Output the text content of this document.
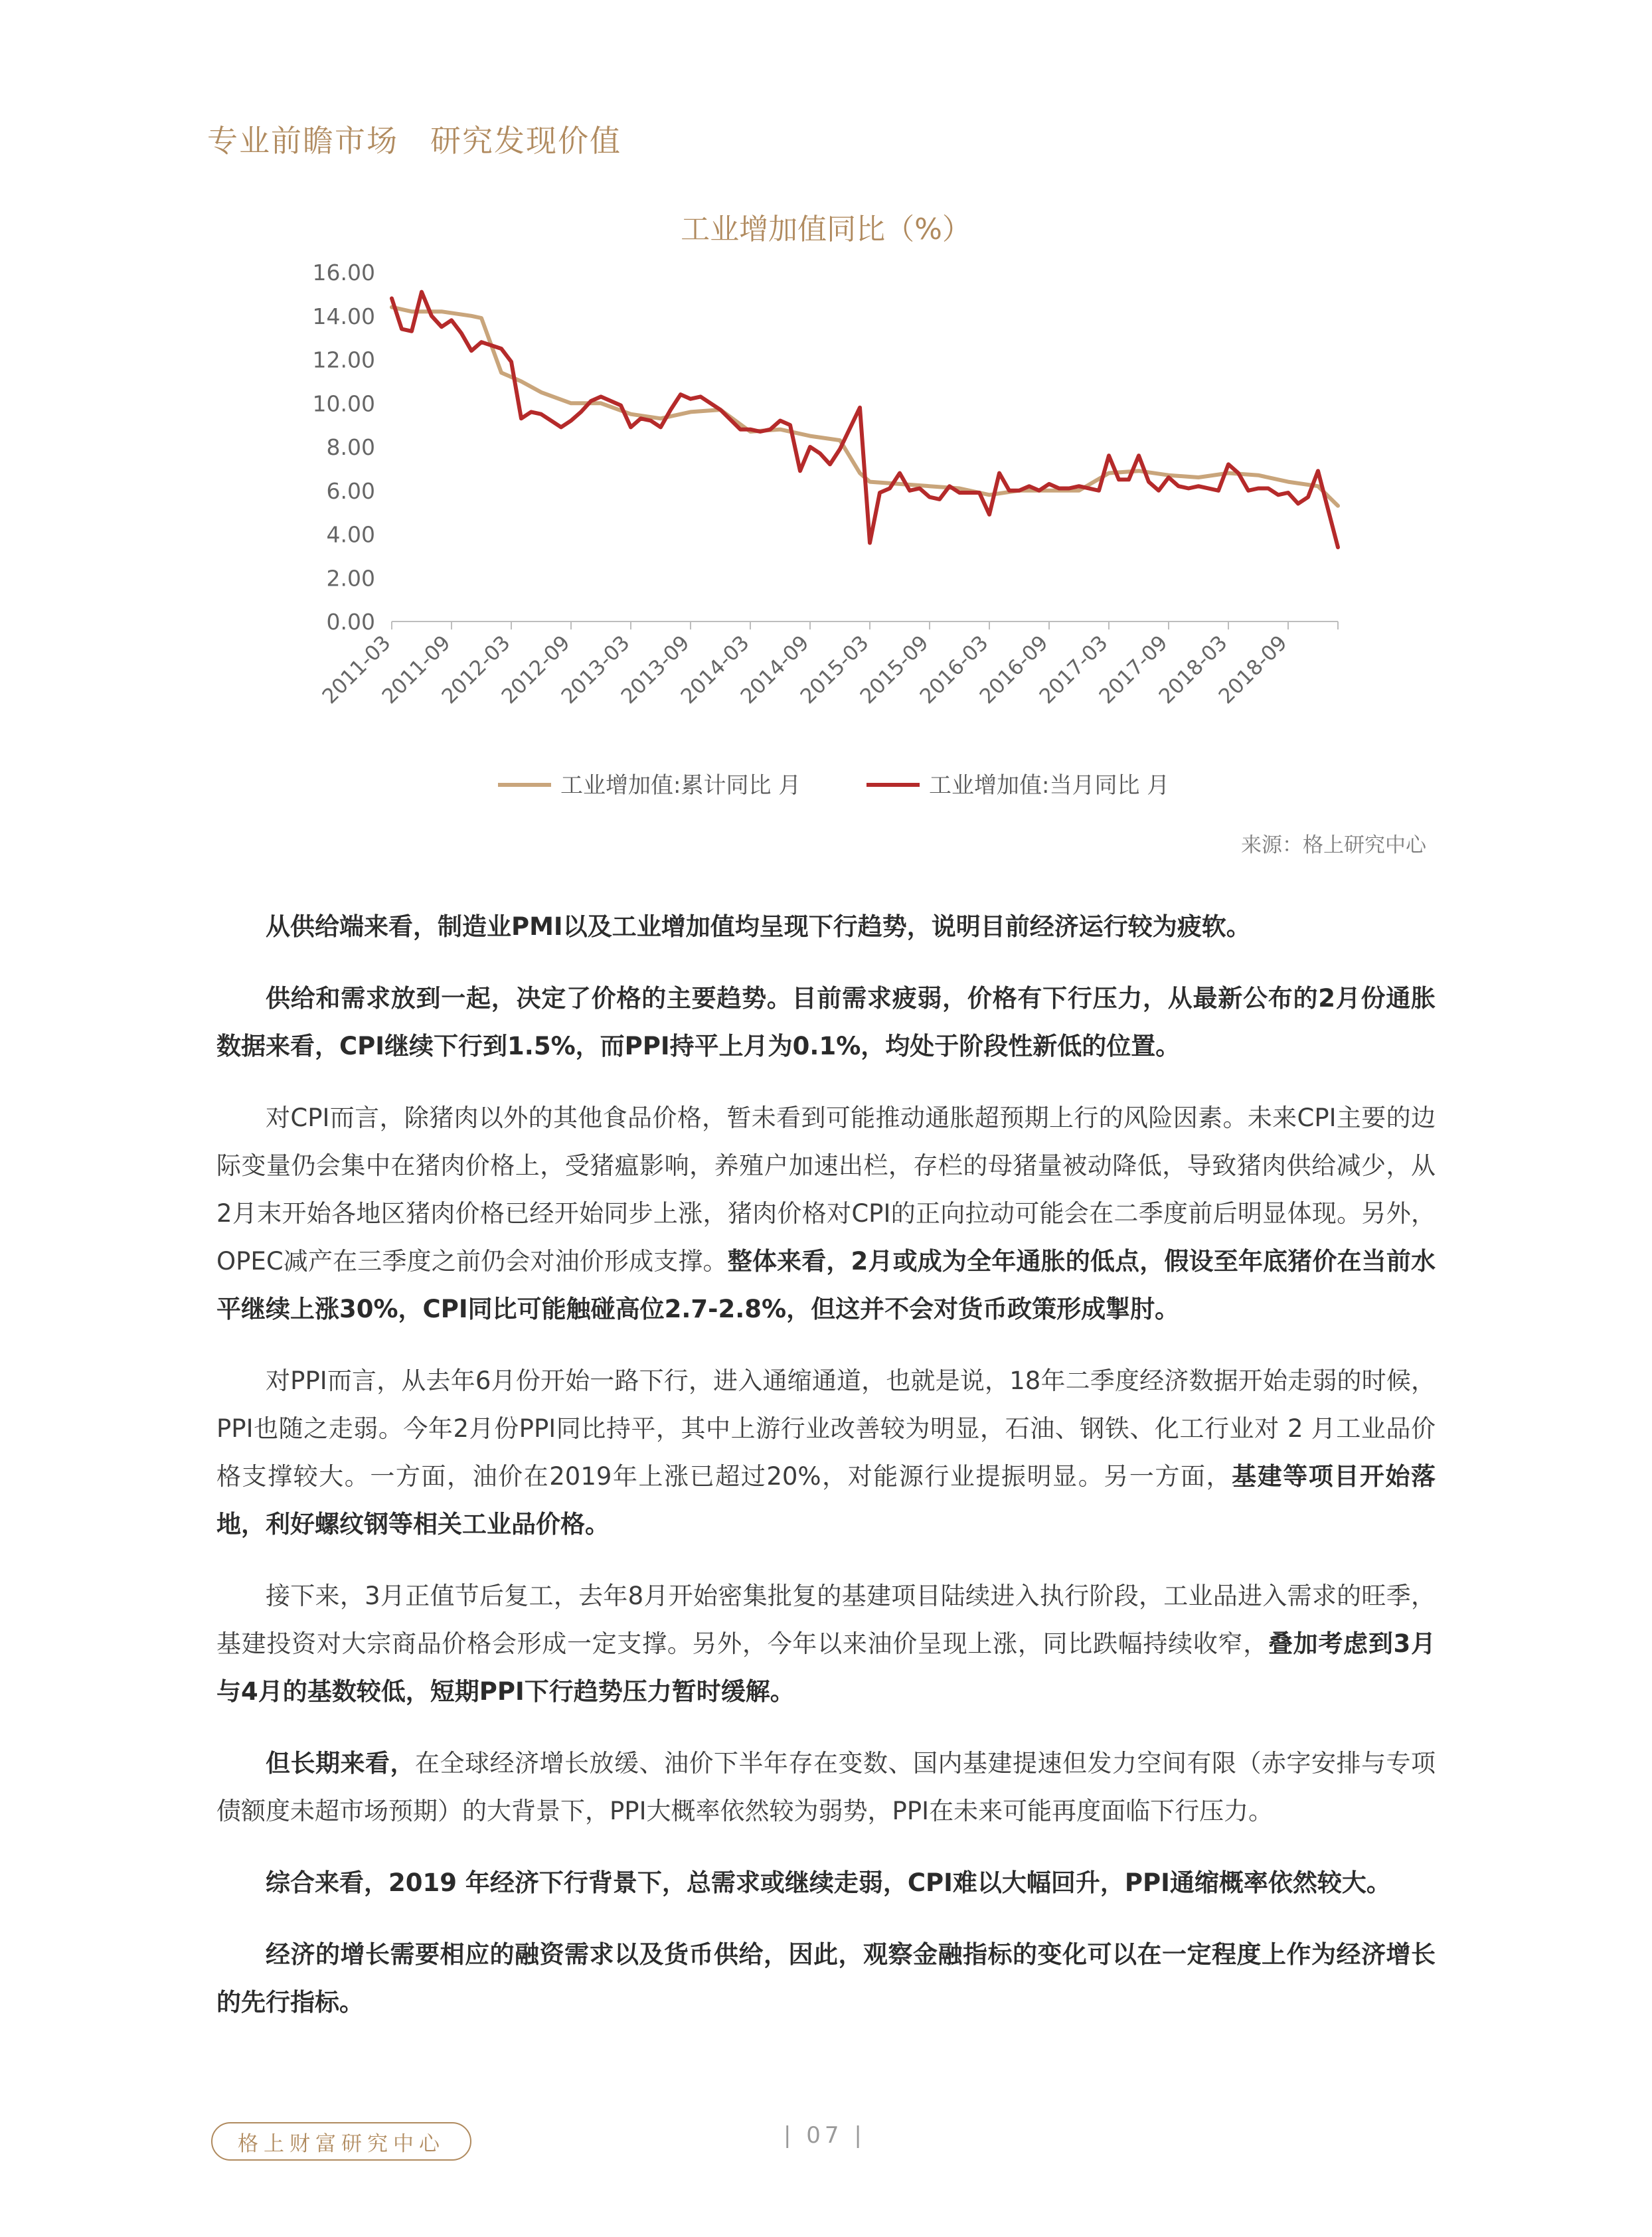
专业前瞻市场　研究发现价值
工业增加值同比（%）
0.00
2.00
4.00
6.00
8.00
10.00
12.00
14.00
16.00
2011-03
2011-09
2012-03
2012-09
2013-03
2013-09
2014-03
2014-09
2015-03
2015-09
2016-03
2016-09
2017-03
2017-09
2018-03
2018-09
工业增加值:累计同比 月	工业增加值:当月同比 月
来源：格上研究中心

从供给端来看，制造业PMI以及工业增加值均呈现下行趋势，说明目前经济运行较为疲软。

供给和需求放到一起，决定了价格的主要趋势。目前需求疲弱，价格有下行压力，从最新公布的2月份通胀数据来看，CPI继续下行到1.5%，而PPI持平上月为0.1%，均处于阶段性新低的位置。

对CPI而言，除猪肉以外的其他食品价格，暂未看到可能推动通胀超预期上行的风险因素。未来CPI主要的边际变量仍会集中在猪肉价格上，受猪瘟影响，养殖户加速出栏，存栏的母猪量被动降低，导致猪肉供给减少，从2月末开始各地区猪肉价格已经开始同步上涨，猪肉价格对CPI的正向拉动可能会在二季度前后明显体现。另外，OPEC减产在三季度之前仍会对油价形成支撑。整体来看，2月或成为全年通胀的低点，假设至年底猪价在当前水平继续上涨30%，CPI同比可能触碰高位2.7-2.8%，但这并不会对货币政策形成掣肘。

对PPI而言，从去年6月份开始一路下行，进入通缩通道，也就是说，18年二季度经济数据开始走弱的时候，PPI也随之走弱。今年2月份PPI同比持平，其中上游行业改善较为明显，石油、钢铁、化工行业对 2 月工业品价格支撑较大。一方面，油价在2019年上涨已超过20%，对能源行业提振明显。另一方面，基建等项目开始落地，利好螺纹钢等相关工业品价格。

接下来，3月正值节后复工，去年8月开始密集批复的基建项目陆续进入执行阶段，工业品进入需求的旺季，基建投资对大宗商品价格会形成一定支撑。另外，今年以来油价呈现上涨，同比跌幅持续收窄，叠加考虑到3月与4月的基数较低，短期PPI下行趋势压力暂时缓解。

但长期来看，在全球经济增长放缓、油价下半年存在变数、国内基建提速但发力空间有限（赤字安排与专项债额度未超市场预期）的大背景下，PPI大概率依然较为弱势，PPI在未来可能再度面临下行压力。

综合来看，2019 年经济下行背景下，总需求或继续走弱，CPI难以大幅回升，PPI通缩概率依然较大。

经济的增长需要相应的融资需求以及货币供给，因此，观察金融指标的变化可以在一定程度上作为经济增长的先行指标。

格上财富研究中心	| 07 |
